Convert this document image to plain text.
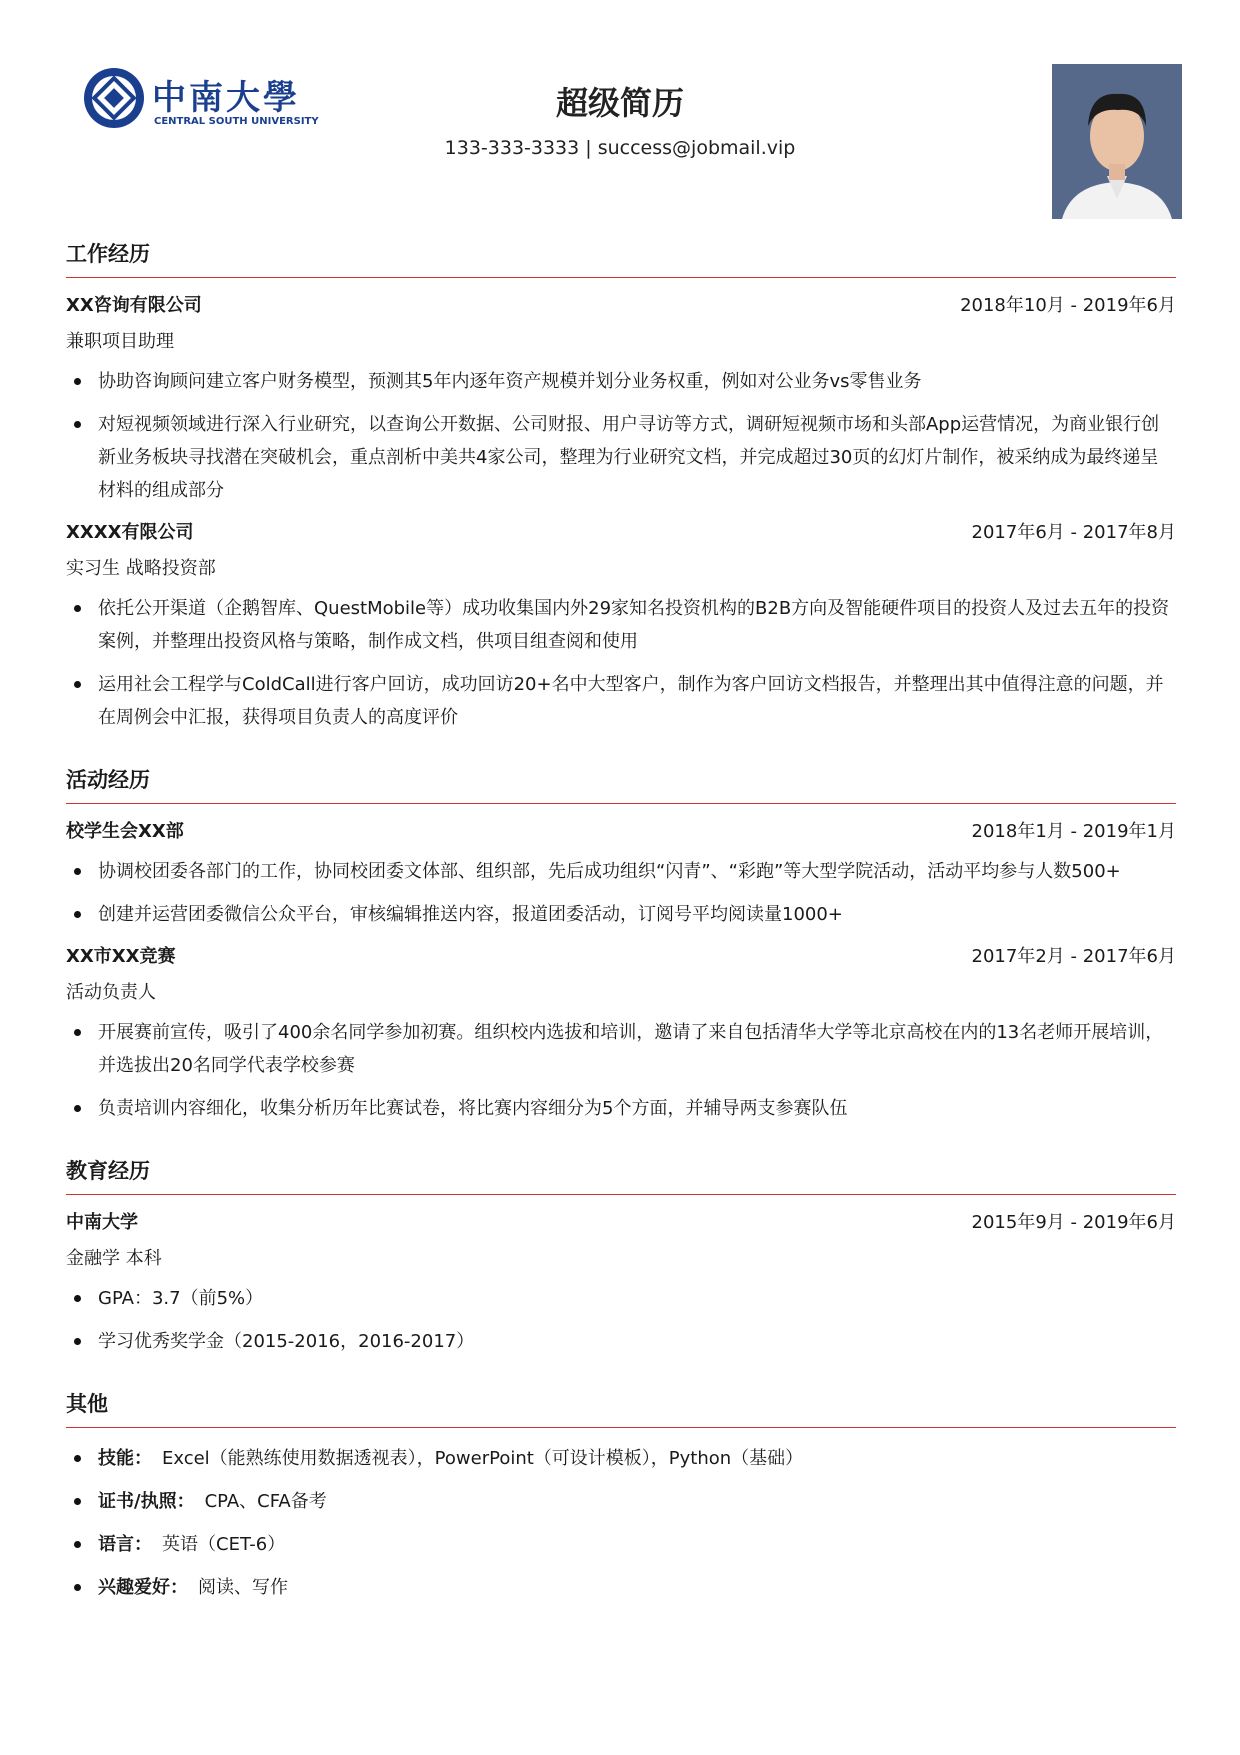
中南大學
CENTRAL SOUTH UNIVERSITY	超级简历
133-333-3333 | success@jobmail.vip
工作经历
XX咨询有限公司	2018年10月 - 2019年6月
兼职项目助理
协助咨询顾问建立客户财务模型，预测其5年内逐年资产规模并划分业务权重，例如对公业务vs零售业务
对短视频领域进行深入行业研究，以查询公开数据、公司财报、用户寻访等方式，调研短视频市场和头部App运营情况，为商业银行创新业务板块寻找潜在突破机会，重点剖析中美共4家公司，整理为行业研究文档，并完成超过30页的幻灯片制作，被采纳成为最终递呈材料的组成部分
XXXX有限公司	2017年6月 - 2017年8月
实习生 战略投资部
依托公开渠道（企鹅智库、QuestMobile等）成功收集国内外29家知名投资机构的B2B方向及智能硬件项目的投资人及过去五年的投资案例，并整理出投资风格与策略，制作成文档，供项目组查阅和使用
运用社会工程学与ColdCall进行客户回访，成功回访20+名中大型客户，制作为客户回访文档报告，并整理出其中值得注意的问题，并在周例会中汇报，获得项目负责人的高度评价
活动经历
校学生会XX部	2018年1月 - 2019年1月
协调校团委各部门的工作，协同校团委文体部、组织部，先后成功组织“闪青”、“彩跑”等大型学院活动，活动平均参与人数500+
创建并运营团委微信公众平台，审核编辑推送内容，报道团委活动，订阅号平均阅读量1000+
XX市XX竞赛	2017年2月 - 2017年6月
活动负责人
开展赛前宣传，吸引了400余名同学参加初赛。组织校内选拔和培训，邀请了来自包括清华大学等北京高校在内的13名老师开展培训，并选拔出20名同学代表学校参赛
负责培训内容细化，收集分析历年比赛试卷，将比赛内容细分为5个方面，并辅导两支参赛队伍
教育经历
中南大学	2015年9月 - 2019年6月
金融学 本科
GPA：3.7（前5%）
学习优秀奖学金（2015-2016，2016-2017）
其他
技能： Excel（能熟练使用数据透视表），PowerPoint（可设计模板），Python（基础）
证书/执照： CPA、CFA备考
语言： 英语（CET-6）
兴趣爱好： 阅读、写作
